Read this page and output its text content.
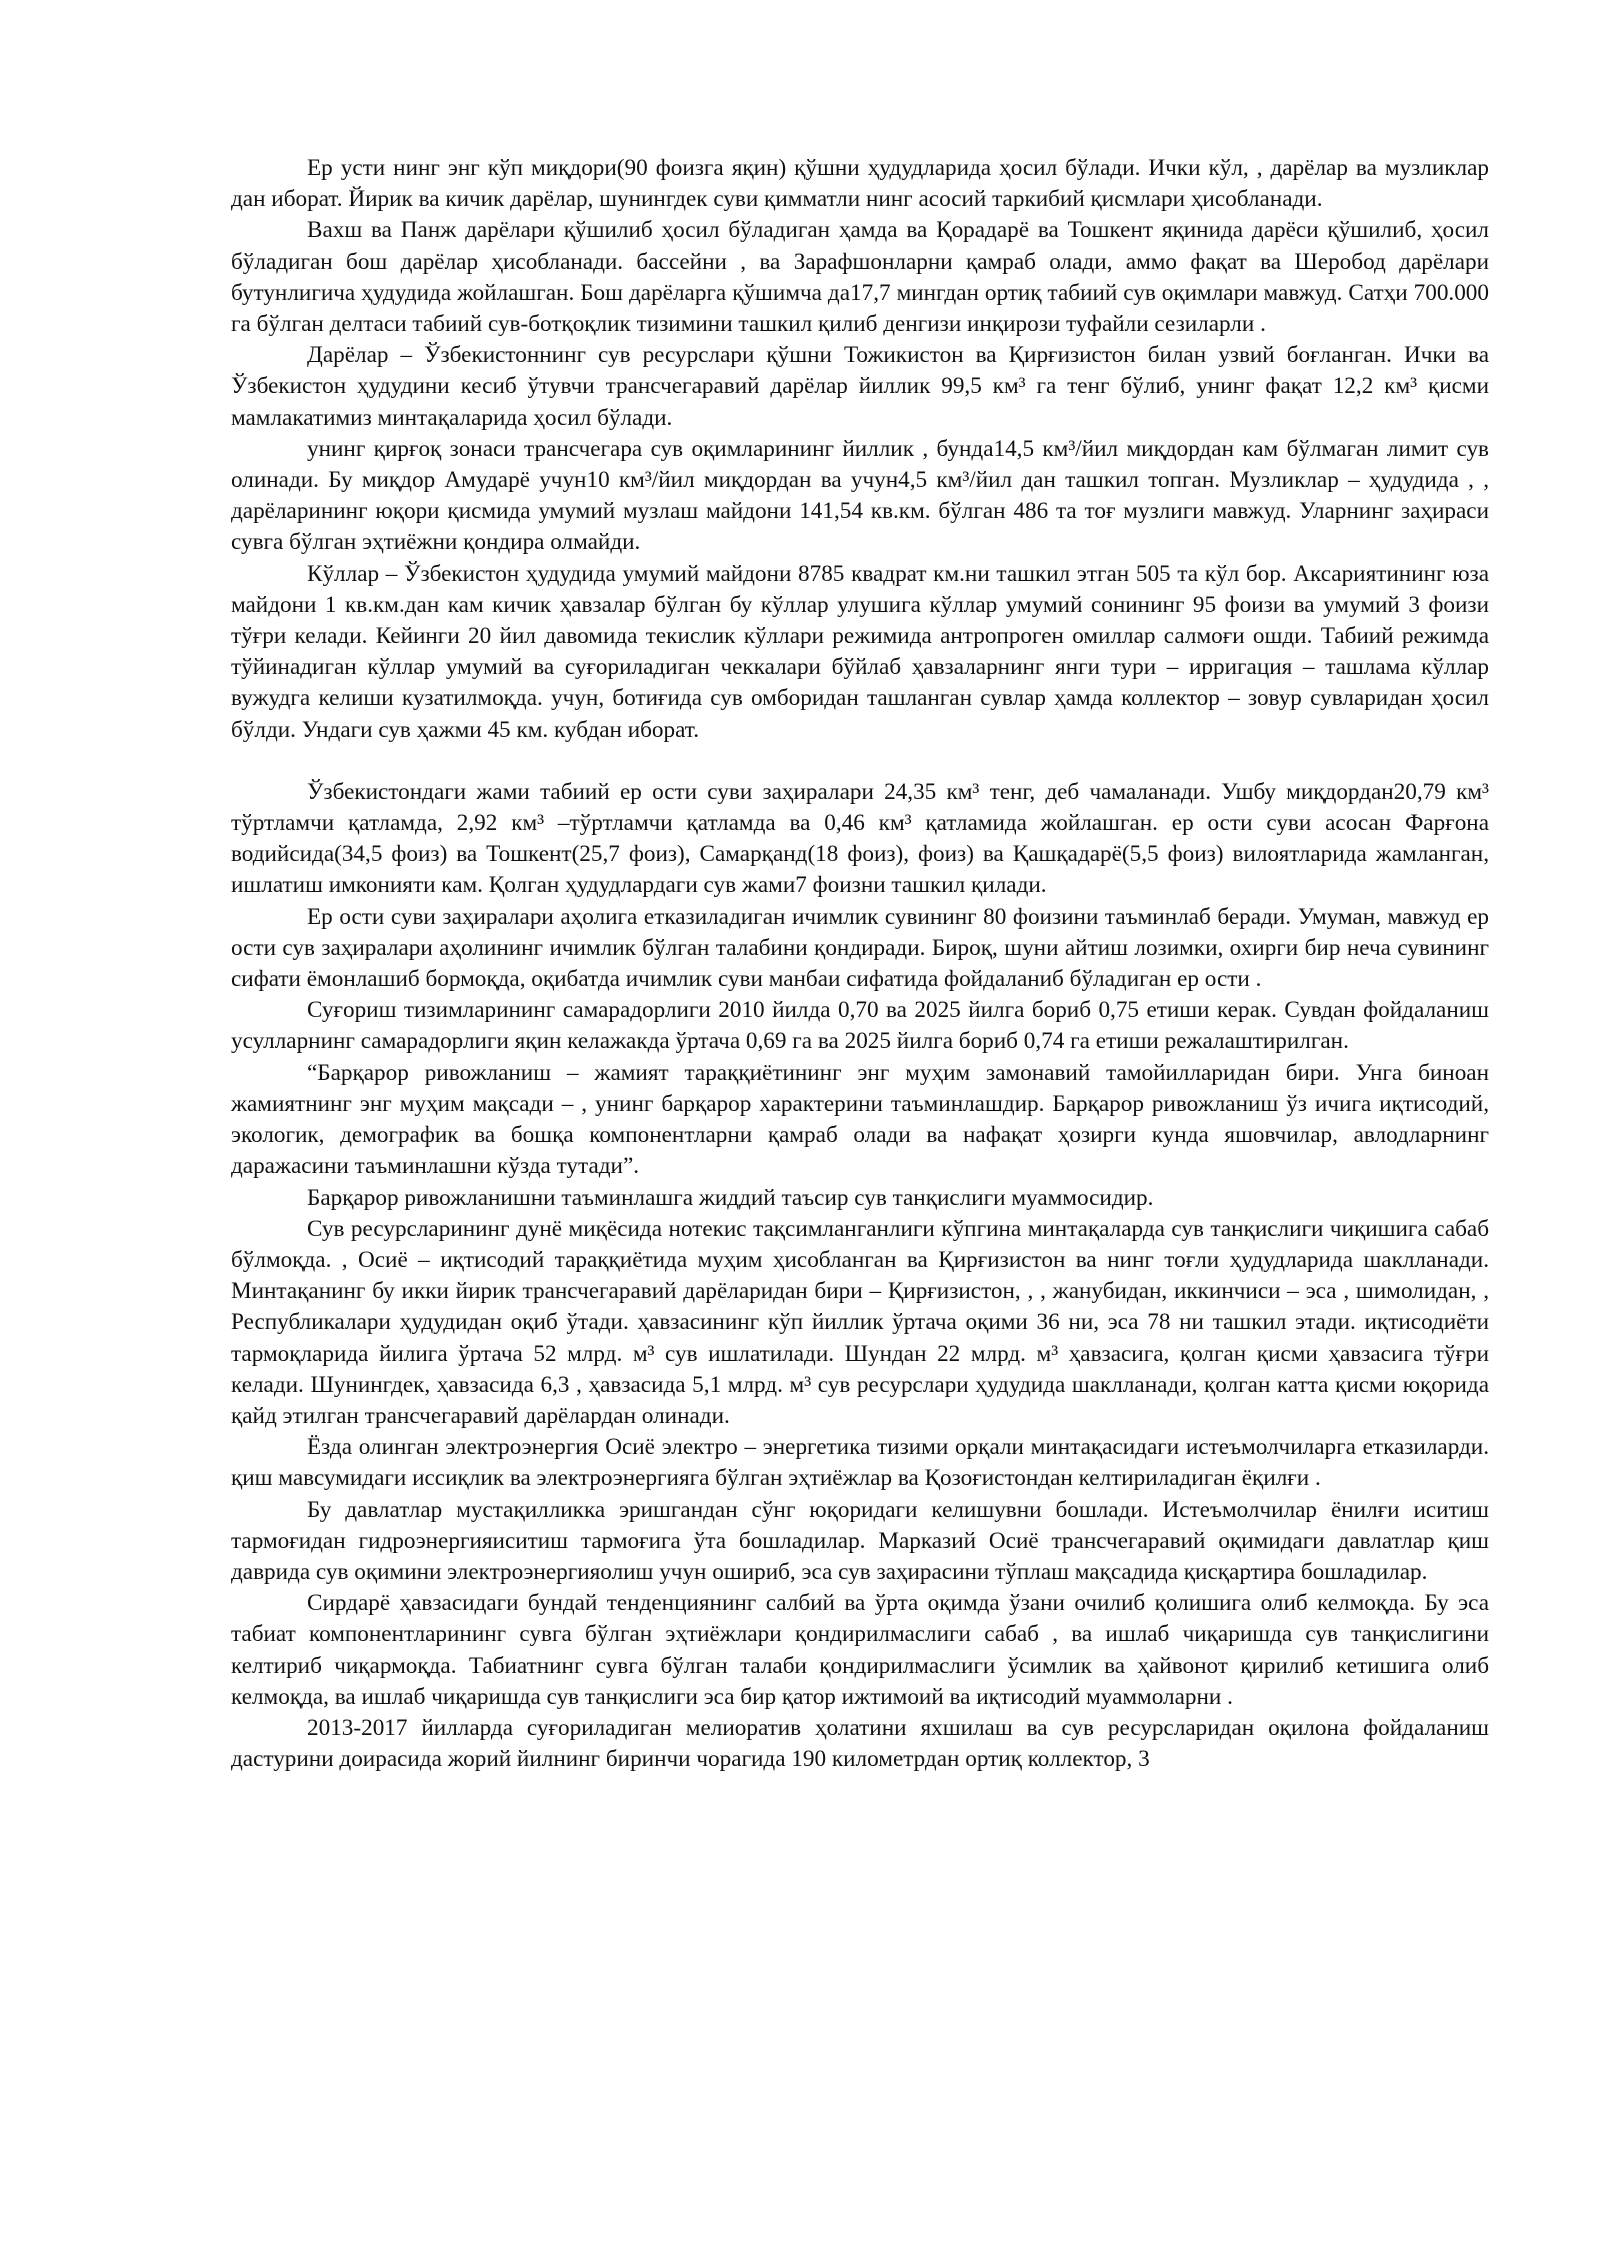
Ер усти нинг энг кўп миқдори(90 фоизга яқин) қўшни ҳудудларида ҳосил бўлади. Ички кўл, , дарёлар ва музликлар дан иборат. Йирик ва кичик дарёлар, шунингдек суви қимматли нинг асосий таркибий қисмлари ҳисобланади.

Вахш ва Панж дарёлари қўшилиб ҳосил бўладиган ҳамда ва Қорадарё ва Тошкент яқинида дарёси қўшилиб, ҳосил бўладиган бош дарёлар ҳисобланади. бассейни , ва Зарафшонларни қамраб олади, аммо фақат ва Шеробод дарёлари бутунлигича ҳудудида жойлашган. Бош дарёларга қўшимча да17,7 мингдан ортиқ табиий сув оқимлари мавжуд. Сатҳи 700.000 га бўлган делтаси табиий сув-ботқоқлик тизимини ташкил қилиб денгизи инқирози туфайли сезиларли .

Дарёлар – Ўзбекистоннинг сув ресурслари қўшни Тожикистон ва Қирғизистон билан узвий боғланган. Ички ва Ўзбекистон ҳудудини кесиб ўтувчи трансчегаравий дарёлар йиллик 99,5 км³ га тенг бўлиб, унинг фақат 12,2 км³ қисми мамлакатимиз минтақаларида ҳосил бўлади.

унинг қирғоқ зонаси трансчегара сув оқимларининг йиллик , бунда14,5 км³/йил миқдордан кам бўлмаган лимит сув олинади. Бу миқдор Амударё учун10 км³/йил миқдордан ва учун4,5 км³/йил дан ташкил топган. Музликлар – ҳудудида , , дарёларининг юқори қисмида умумий музлаш майдони 141,54 кв.км. бўлган 486 та тоғ музлиги мавжуд. Уларнинг заҳираси сувга бўлган эҳтиёжни қондира олмайди.

Кўллар – Ўзбекистон ҳудудида умумий майдони 8785 квадрат км.ни ташкил этган 505 та кўл бор. Аксариятининг юза майдони 1 кв.км.дан кам кичик ҳавзалар бўлган бу кўллар улушига кўллар умумий сонининг 95 фоизи ва умумий 3 фоизи тўғри келади. Кейинги 20 йил давомида текислик кўллари режимида антропроген омиллар салмоғи ошди. Табиий режимда тўйинадиган кўллар умумий ва суғориладиган чеккалари бўйлаб ҳавзаларнинг янги тури – ирригация – ташлама кўллар вужудга келиши кузатилмоқда. учун, ботиғида сув омборидан ташланган сувлар ҳамда коллектор – зовур сувларидан ҳосил бўлди. Ундаги сув ҳажми 45 км. кубдан иборат.

Ўзбекистондаги жами табиий ер ости суви заҳиралари 24,35 км³ тенг, деб чамаланади. Ушбу миқдордан20,79 км³ тўртламчи қатламда, 2,92 км³ –тўртламчи қатламда ва 0,46 км³ қатламида жойлашган. ер ости суви асосан Фарғона водийсида(34,5 фоиз) ва Тошкент(25,7 фоиз), Самарқанд(18 фоиз), фоиз) ва Қашқадарё(5,5 фоиз) вилоятларида жамланган, ишлатиш имконияти кам. Қолган ҳудудлардаги сув жами7 фоизни ташкил қилади.

Ер ости суви заҳиралари аҳолига етказиладиган ичимлик сувининг 80 фоизини таъминлаб беради. Умуман, мавжуд ер ости сув заҳиралари аҳолининг ичимлик бўлган талабини қондиради. Бироқ, шуни айтиш лозимки, охирги бир неча сувининг сифати ёмонлашиб бормоқда, оқибатда ичимлик суви манбаи сифатида фойдаланиб бўладиган ер ости .

Суғориш тизимларининг самарадорлиги 2010 йилда 0,70 ва 2025 йилга бориб 0,75 етиши керак. Сувдан фойдаланиш усулларнинг самарадорлиги яқин келажакда ўртача 0,69 га ва 2025 йилга бориб 0,74 га етиши режалаштирилган.

“Барқарор ривожланиш – жамият тараққиётининг энг муҳим замонавий тамойилларидан бири. Унга биноан жамиятнинг энг муҳим мақсади – , унинг барқарор характерини таъминлашдир. Барқарор ривожланиш ўз ичига иқтисодий, экологик, демографик ва бошқа компонентларни қамраб олади ва нафақат ҳозирги кунда яшовчилар, авлодларнинг даражасини таъминлашни кўзда тутади”.

Барқарор ривожланишни таъминлашга жиддий таъсир сув танқислиги муаммосидир.

Сув ресурсларининг дунё миқёсида нотекис тақсимланганлиги кўпгина минтақаларда сув танқислиги чиқишига сабаб бўлмоқда. , Осиё – иқтисодий тараққиётида муҳим ҳисобланган ва Қирғизистон ва нинг тоғли ҳудудларида шаклланади. Минтақанинг бу икки йирик трансчегаравий дарёларидан бири – Қирғизистон, , , жанубидан, иккинчиси – эса , шимолидан, , Республикалари ҳудудидан оқиб ўтади. ҳавзасининг кўп йиллик ўртача оқими 36 ни, эса 78 ни ташкил этади. иқтисодиёти тармоқларида йилига ўртача 52 млрд. м³ сув ишлатилади. Шундан 22 млрд. м³ ҳавзасига, қолган қисми ҳавзасига тўғри келади. Шунингдек, ҳавзасида 6,3 , ҳавзасида 5,1 млрд. м³ сув ресурслари ҳудудида шаклланади, қолган катта қисми юқорида қайд этилган трансчегаравий дарёлардан олинади.

Ёзда олинган электроэнергия Осиё электро – энергетика тизими орқали минтақасидаги истеъмолчиларга етказиларди. қиш мавсумидаги иссиқлик ва электроэнергияга бўлган эҳтиёжлар ва Қозоғистондан келтириладиган ёқилғи .

Бу давлатлар мустақилликка эришгандан сўнг юқоридаги келишувни бошлади. Истеъмолчилар ёнилғи иситиш тармоғидан гидроэнергияиситиш тармоғига ўта бошладилар. Марказий Осиё трансчегаравий оқимидаги давлатлар қиш даврида сув оқимини электроэнергияолиш учун ошириб, эса сув заҳирасини тўплаш мақсадида қисқартира бошладилар.

Сирдарё ҳавзасидаги бундай тенденциянинг салбий ва ўрта оқимда ўзани очилиб қолишига олиб келмоқда. Бу эса табиат компонентларининг сувга бўлган эҳтиёжлари қондирилмаслиги сабаб , ва ишлаб чиқаришда сув танқислигини келтириб чиқармоқда. Табиатнинг сувга бўлган талаби қондирилмаслиги ўсимлик ва ҳайвонот қирилиб кетишига олиб келмоқда, ва ишлаб чиқаришда сув танқислиги эса бир қатор ижтимоий ва иқтисодий муаммоларни .

2013-2017 йилларда суғориладиган мелиоратив ҳолатини яхшилаш ва сув ресурсларидан оқилона фойдаланиш дастурини доирасида жорий йилнинг биринчи чорагида 190 километрдан ортиқ коллектор, 3
